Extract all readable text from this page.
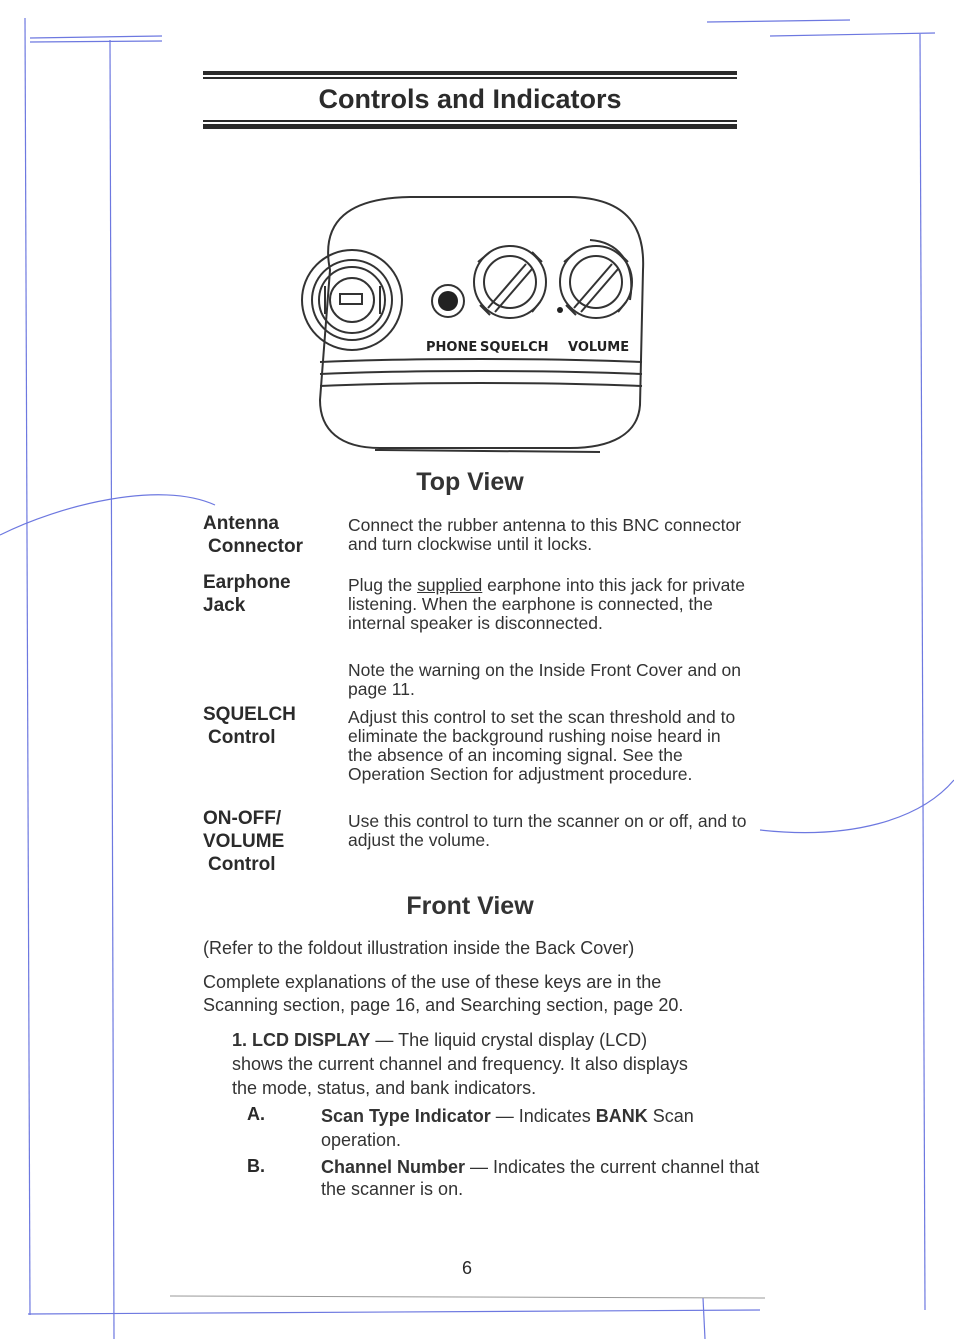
Controls and Indicators
PHONE SQUELCH VOLUME
Top View
Antenna
Connector
Connect the rubber antenna to this BNC connector and turn clockwise until it locks.
Earphone
Jack
Plug the supplied earphone into this jack for private listening. When the earphone is connected, the internal speaker is disconnected.
Note the warning on the Inside Front Cover and on page 11.
SQUELCH
Control
Adjust this control to set the scan threshold and to eliminate the background rushing noise heard in the absence of an incoming signal. See the Operation Section for adjustment procedure.
ON-OFF/
VOLUME
Control
Use this control to turn the scanner on or off, and to adjust the volume.
Front View
(Refer to the foldout illustration inside the Back Cover)
Complete explanations of the use of these keys are in the Scanning section, page 16, and Searching section, page 20.
1. LCD DISPLAY — The liquid crystal display (LCD) shows the current channel and frequency. It also displays the mode, status, and bank indicators.
A.	Scan Type Indicator — Indicates BANK Scan operation.
B.	Channel Number — Indicates the current channel that the scanner is on.
6
